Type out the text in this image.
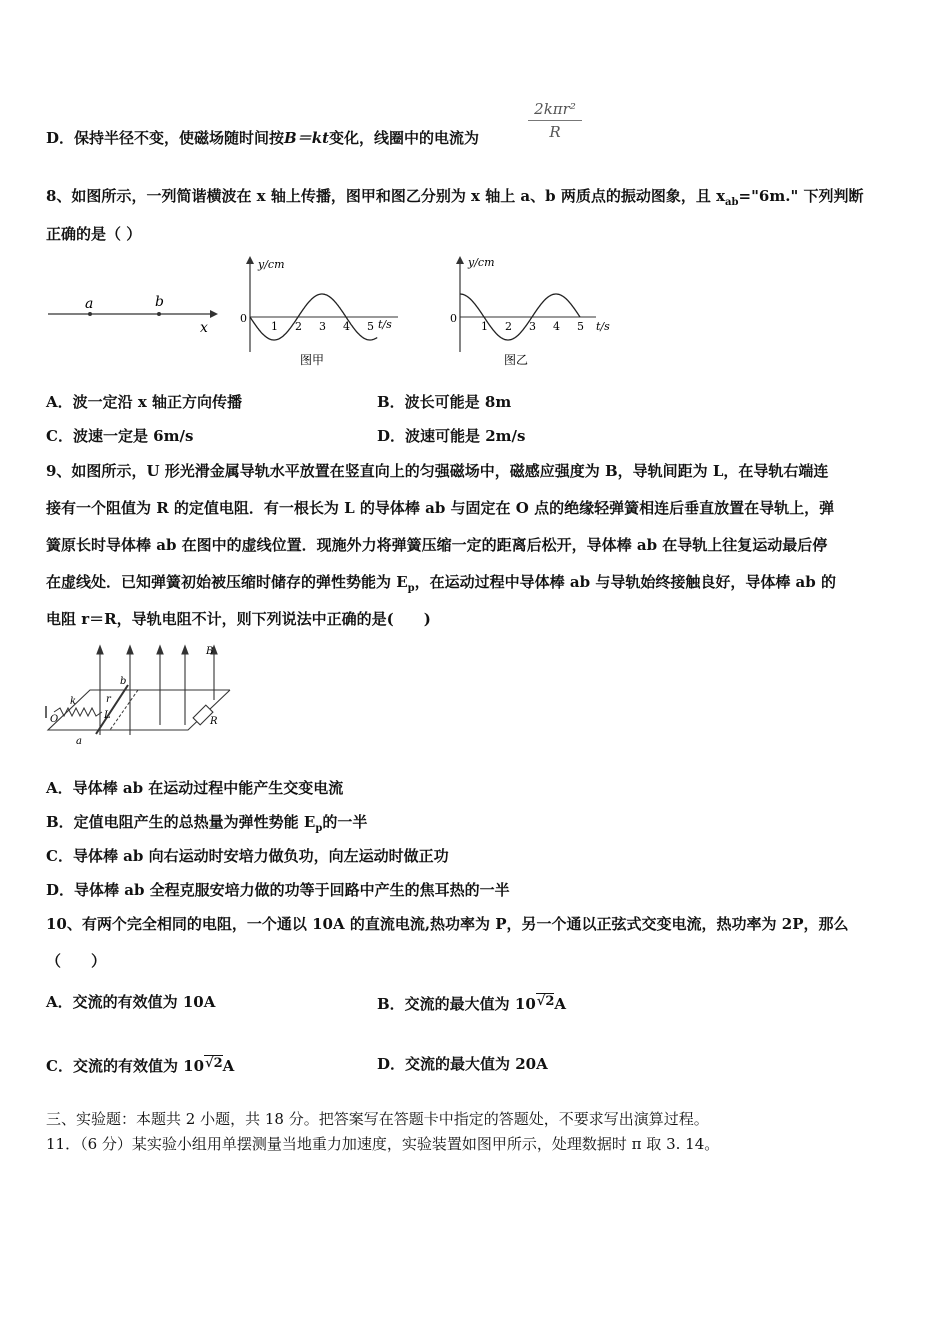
D．保持半径不变，使磁场随时间按B＝kt变化，线圈中的电流为
2kπr²
R
8、如图所示，一列简谐横波在 x 轴上传播，图甲和图乙分别为 x 轴上 a、b 两质点的振动图象，且 $x_{ab}="6m$." 下列判断
正确的是（ ）
a	b
x
y/cm
t/s
0
1 2 3 4 5
图甲
y/cm
t/s
0
1 2 3 4 5
图乙
A．波一定沿 x 轴正方向传播	B．波长可能是 8m
C．波速一定是 6m/s	D．波速可能是 2m/s
9、如图所示，U 形光滑金属导轨水平放置在竖直向上的匀强磁场中，磁感应强度为 B，导轨间距为 L，在导轨右端连
接有一个阻值为 R 的定值电阻．有一根长为 L 的导体棒 ab 与固定在 O 点的绝缘轻弹簧相连后垂直放置在导轨上，弹
簧原长时导体棒 ab 在图中的虚线位置．现施外力将弹簧压缩一定的距离后松开，导体棒 ab 在导轨上往复运动最后停
在虚线处．已知弹簧初始被压缩时储存的弹性势能为 $E_p$，在运动过程中导体棒 ab 与导轨始终接触良好，导体棒 ab 的
电阻 r＝R，导轨电阻不计，则下列说法中正确的是(　　)
B
b
k
O
r
L
a
R
A．导体棒 ab 在运动过程中能产生交变电流
B．定值电阻产生的总热量为弹性势能 $E_p$的一半
C．导体棒 ab 向右运动时安培力做负功，向左运动时做正功
D．导体棒 ab 全程克服安培力做的功等于回路中产生的焦耳热的一半
10、有两个完全相同的电阻，一个通以 10A 的直流电流,热功率为 P，另一个通以正弦式交变电流，热功率为 2P，那么
（　　）
A．交流的有效值为 10A	B．交流的最大值为 10√2A
C．交流的有效值为 10√2A	D．交流的最大值为 20A
三、实验题：本题共 2 小题，共 18 分。把答案写在答题卡中指定的答题处，不要求写出演算过程。
11．（6 分）某实验小组用单摆测量当地重力加速度，实验装置如图甲所示，处理数据时 π 取 3. 14。
